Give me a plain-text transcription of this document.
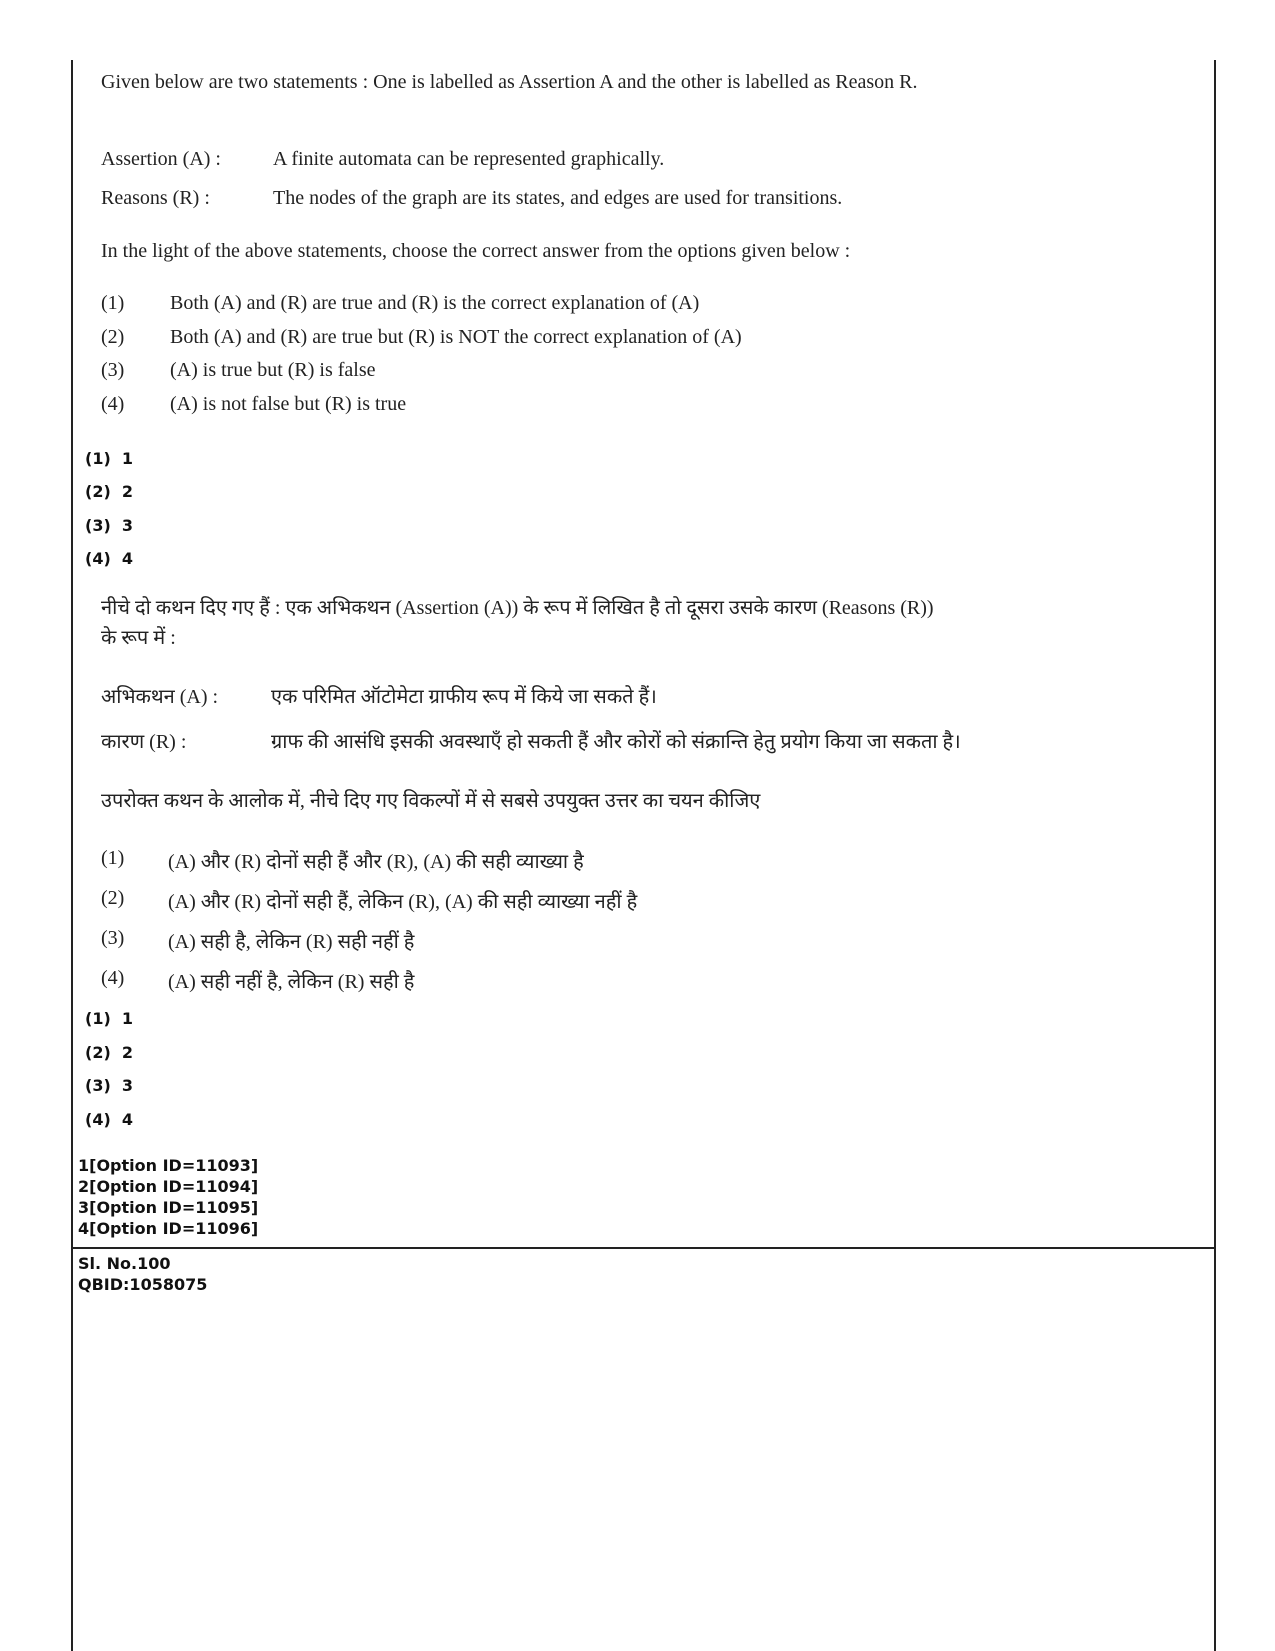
Given below are two statements : One is labelled as Assertion A and the other is labelled as Reason R.
Assertion (A) :	A finite automata can be represented graphically.
Reasons (R) :	The nodes of the graph are its states, and edges are used for transitions.
In the light of the above statements, choose the correct answer from the options given below :
(1) Both (A) and (R) are true and (R) is the correct explanation of (A)
(2) Both (A) and (R) are true but (R) is NOT the correct explanation of (A)
(3) (A) is true but (R) is false
(4) (A) is not false but (R) is true
(1)  1
(2)  2
(3)  3
(4)  4
नीचे दो कथन दिए गए हैं : एक अभिकथन (Assertion (A)) के रूप में लिखित है तो दूसरा उसके कारण (Reasons (R))
के रूप में :
अभिकथन (A) :	एक परिमित ऑटोमेटा ग्राफीय रूप में किये जा सकते हैं।
कारण (R) :	ग्राफ की आसंधि इसकी अवस्थाएँ हो सकती हैं और कोरों को संक्रान्ति हेतु प्रयोग किया जा सकता है।
उपरोक्त कथन के आलोक में, नीचे दिए गए विकल्पों में से सबसे उपयुक्त उत्तर का चयन कीजिए
(1) (A) और (R) दोनों सही हैं और (R), (A) की सही व्याख्या है
(2) (A) और (R) दोनों सही हैं, लेकिन (R), (A) की सही व्याख्या नहीं है
(3) (A) सही है, लेकिन (R) सही नहीं है
(4) (A) सही नहीं है, लेकिन (R) सही है
(1)  1
(2)  2
(3)  3
(4)  4
1[Option ID=11093]
2[Option ID=11094]
3[Option ID=11095]
4[Option ID=11096]
Sl. No.100
QBID:1058075
